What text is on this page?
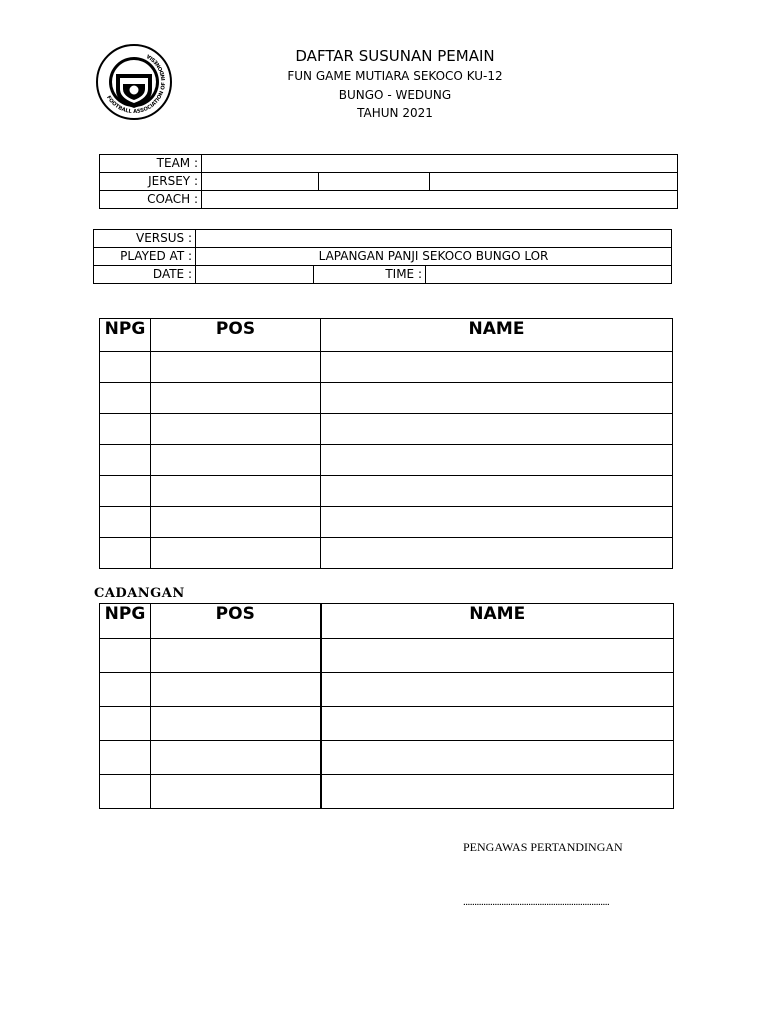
PSSI
FOOTBALL ASSOCIATION OF INDONESIA	DAFTAR SUSUNAN PEMAIN
FUN GAME MUTIARA SEKOCO KU-12
BUNGO - WEDUNG
TAHUN 2021
TEAM :			
JERSEY :			
COACH :			
VERSUS :			
PLAYED AT :	LAPANGAN PANJI SEKOCO BUNGO LOR		
DATE :		TIME :	
NPG	POS	NAME

CADANGAN
NPG	POS	NAME

PENGAWAS PERTANDINGAN
.................................................................
